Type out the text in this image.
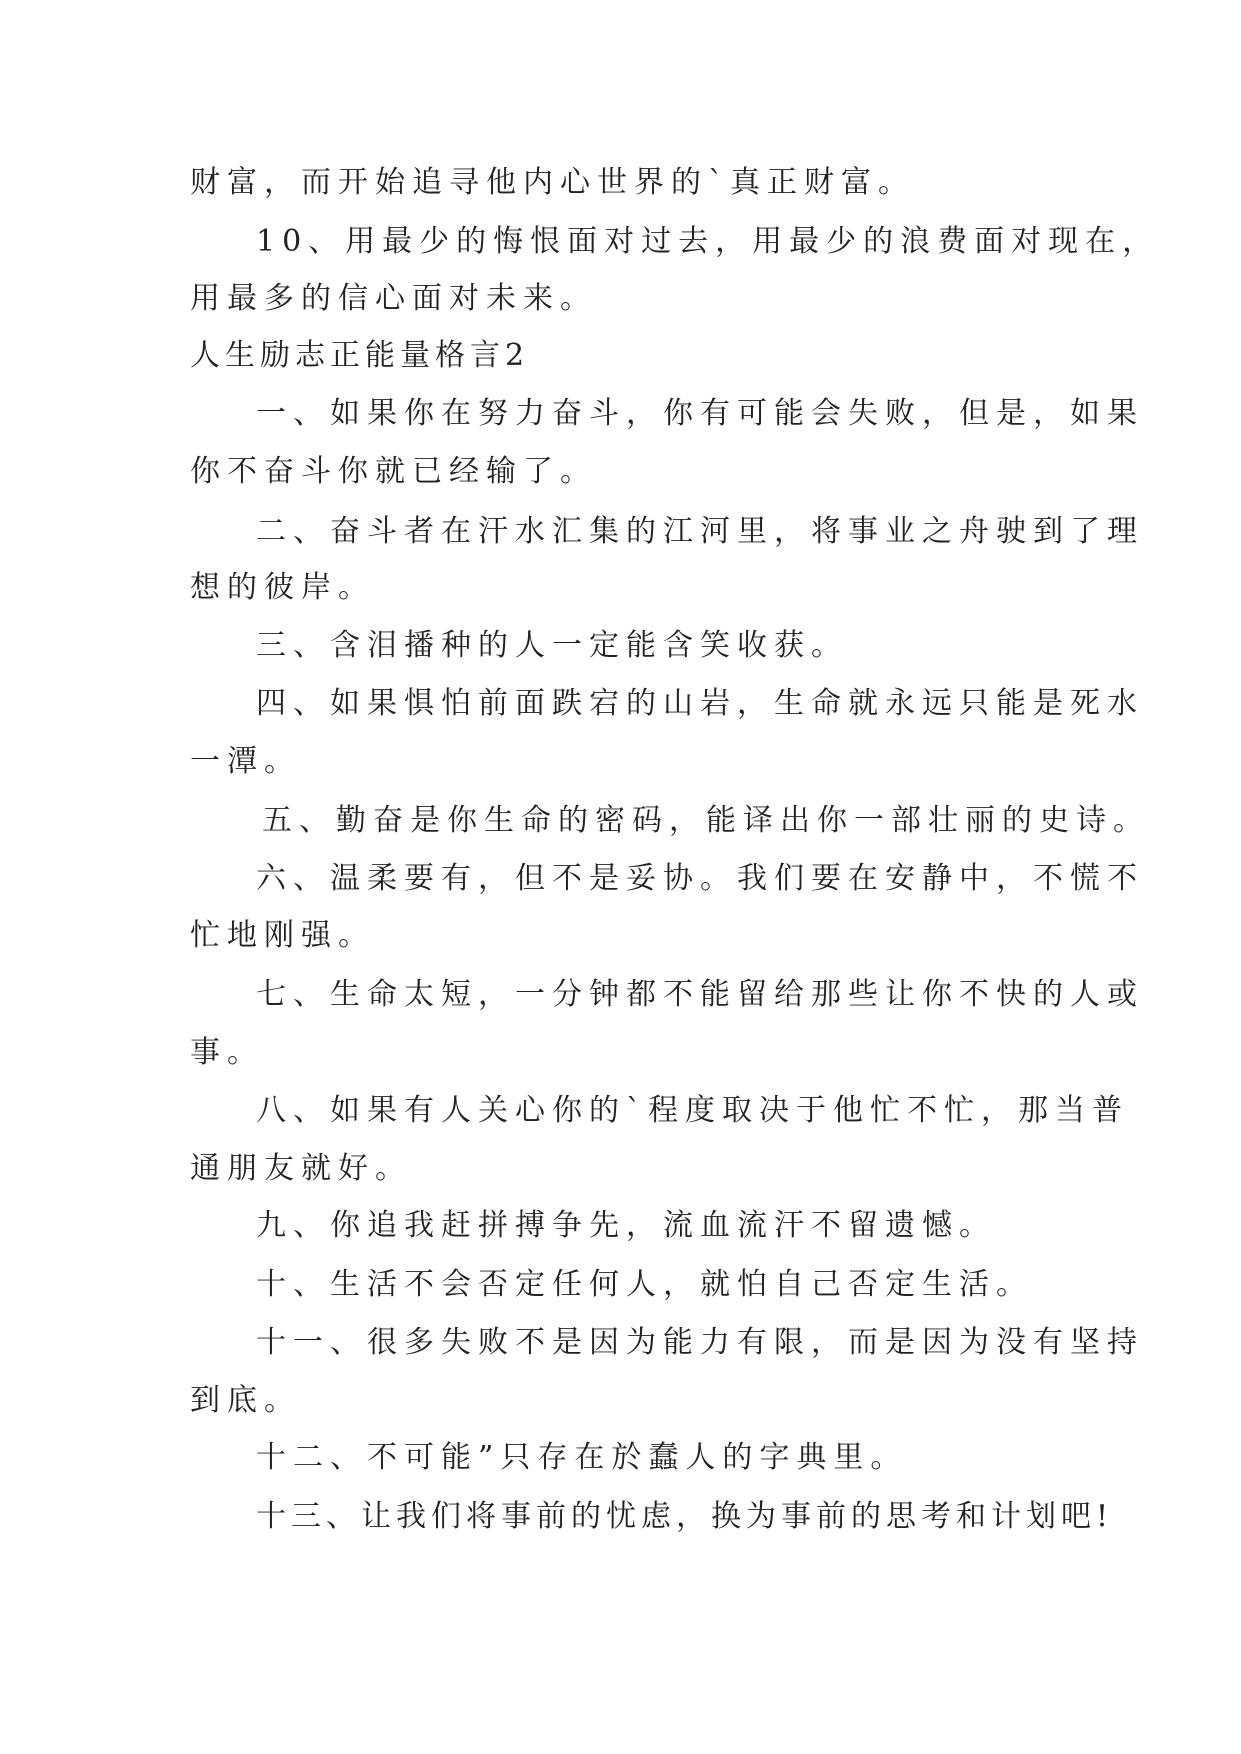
财富，而开始追寻他内心世界的`真正财富。
10、用最少的悔恨面对过去，用最少的浪费面对现在，
用最多的信心面对未来。
人生励志正能量格言2
一、如果你在努力奋斗，你有可能会失败，但是，如果
你不奋斗你就已经输了。
二、奋斗者在汗水汇集的江河里，将事业之舟驶到了理
想的彼岸。
三、含泪播种的人一定能含笑收获。
四、如果惧怕前面跌宕的山岩，生命就永远只能是死水
一潭。
五、勤奋是你生命的密码，能译出你一部壮丽的史诗。
六、温柔要有，但不是妥协。我们要在安静中，不慌不
忙地刚强。
七、生命太短，一分钟都不能留给那些让你不快的人或
事。
八、如果有人关心你的`程度取决于他忙不忙，那当普
通朋友就好。
九、你追我赶拼搏争先，流血流汗不留遗憾。
十、生活不会否定任何人，就怕自己否定生活。
十一、很多失败不是因为能力有限，而是因为没有坚持
到底。
十二、不可能”只存在於蠢人的字典里。
十三、让我们将事前的忧虑，换为事前的思考和计划吧!
